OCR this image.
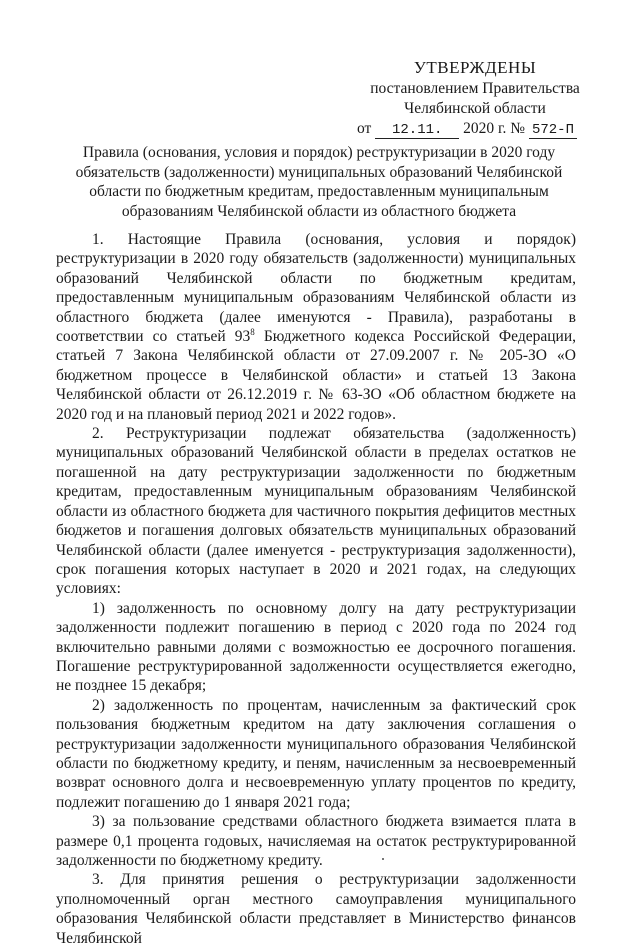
УТВЕРЖДЕНЫ
постановлением Правительства
Челябинской области
от 12.11. 2020 г. № 572-П
Правила (основания, условия и порядок) реструктуризации в 2020 году обязательств (задолженности) муниципальных образований Челябинской области по бюджетным кредитам, предоставленным муниципальным образованиям Челябинской области из областного бюджета

1. Настоящие Правила (основания, условия и порядок) реструктуризации в 2020 году обязательств (задолженности) муниципальных образований Челябинской области по бюджетным кредитам, предоставленным муниципальным образованиям Челябинской области из областного бюджета (далее именуются - Правила), разработаны в соответствии со статьей $93^8$ Бюджетного кодекса Российской Федерации, статьей 7 Закона Челябинской области от 27.09.2007 г. № 205-ЗО «О бюджетном процессе в Челябинской области» и статьей 13 Закона Челябинской области от 26.12.2019 г. № 63-ЗО «Об областном бюджете на 2020 год и на плановый период 2021 и 2022 годов».

2. Реструктуризации подлежат обязательства (задолженность) муниципальных образований Челябинской области в пределах остатков не погашенной на дату реструктуризации задолженности по бюджетным кредитам, предоставленным муниципальным образованиям Челябинской области из областного бюджета для частичного покрытия дефицитов местных бюджетов и погашения долговых обязательств муниципальных образований Челябинской области (далее именуется - реструктуризация задолженности), срок погашения которых наступает в 2020 и 2021 годах, на следующих условиях:

1) задолженность по основному долгу на дату реструктуризации задолженности подлежит погашению в период с 2020 года по 2024 год включительно равными долями с возможностью ее досрочного погашения. Погашение реструктурированной задолженности осуществляется ежегодно, не позднее 15 декабря;

2) задолженность по процентам, начисленным за фактический срок пользования бюджетным кредитом на дату заключения соглашения о реструктуризации задолженности муниципального образования Челябинской области по бюджетному кредиту, и пеням, начисленным за несвоевременный возврат основного долга и несвоевременную уплату процентов по кредиту, подлежит погашению до 1 января 2021 года;

3) за пользование средствами областного бюджета взимается плата в размере 0,1 процента годовых, начисляемая на остаток реструктурированной задолженности по бюджетному кредиту.

3. Для принятия решения о реструктуризации задолженности уполномоченный орган местного самоуправления муниципального образования Челябинской области представляет в Министерство финансов Челябинской
